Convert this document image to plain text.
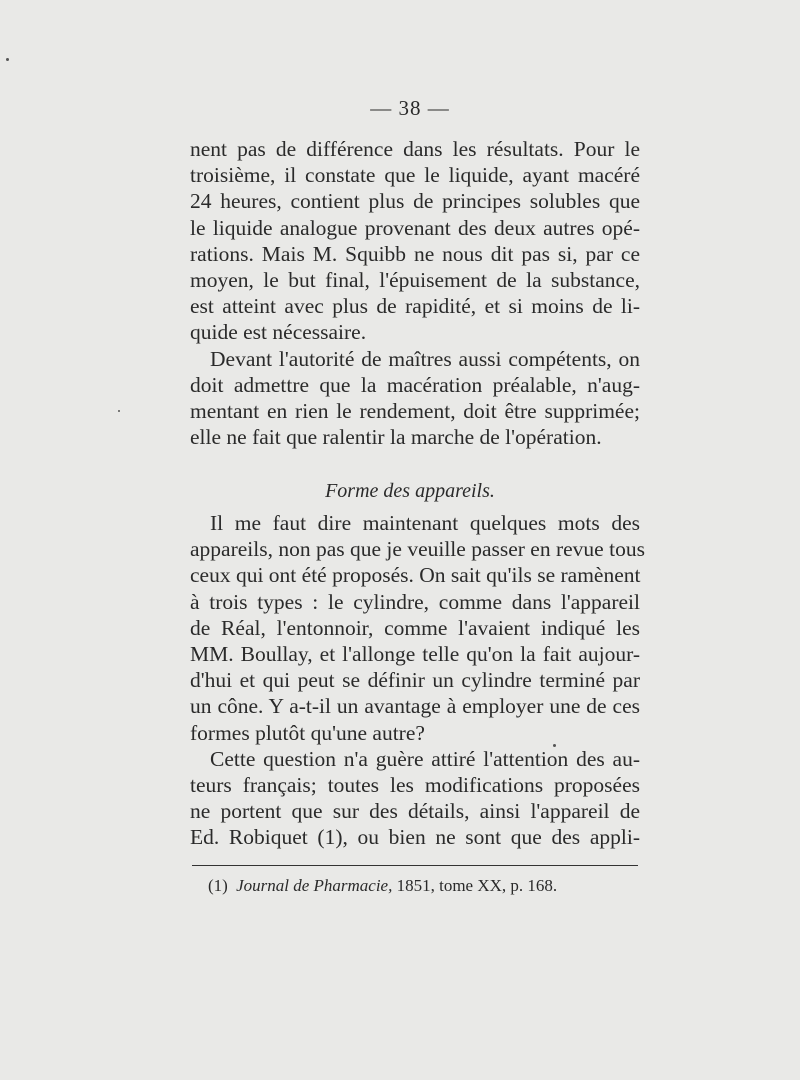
— 38 —
nent pas de différence dans les résultats. Pour le
troisième, il constate que le liquide, ayant macéré
24 heures, contient plus de principes solubles que
le liquide analogue provenant des deux autres opé-
rations. Mais M. Squibb ne nous dit pas si, par ce
moyen, le but final, l'épuisement de la substance,
est atteint avec plus de rapidité, et si moins de li-
quide est nécessaire.
Devant l'autorité de maîtres aussi compétents, on
doit admettre que la macération préalable, n'aug-
mentant en rien le rendement, doit être supprimée;
elle ne fait que ralentir la marche de l'opération.
Forme des appareils.
Il me faut dire maintenant quelques mots des
appareils, non pas que je veuille passer en revue tous
ceux qui ont été proposés. On sait qu'ils se ramènent
à trois types : le cylindre, comme dans l'appareil
de Réal, l'entonnoir, comme l'avaient indiqué les
MM. Boullay, et l'allonge telle qu'on la fait aujour-
d'hui et qui peut se définir un cylindre terminé par
un cône. Y a-t-il un avantage à employer une de ces
formes plutôt qu'une autre?
Cette question n'a guère attiré l'attention des au-
teurs français; toutes les modifications proposées
ne portent que sur des détails, ainsi l'appareil de
Ed. Robiquet (1), ou bien ne sont que des appli-
(1) Journal de Pharmacie, 1851, tome XX, p. 168.
